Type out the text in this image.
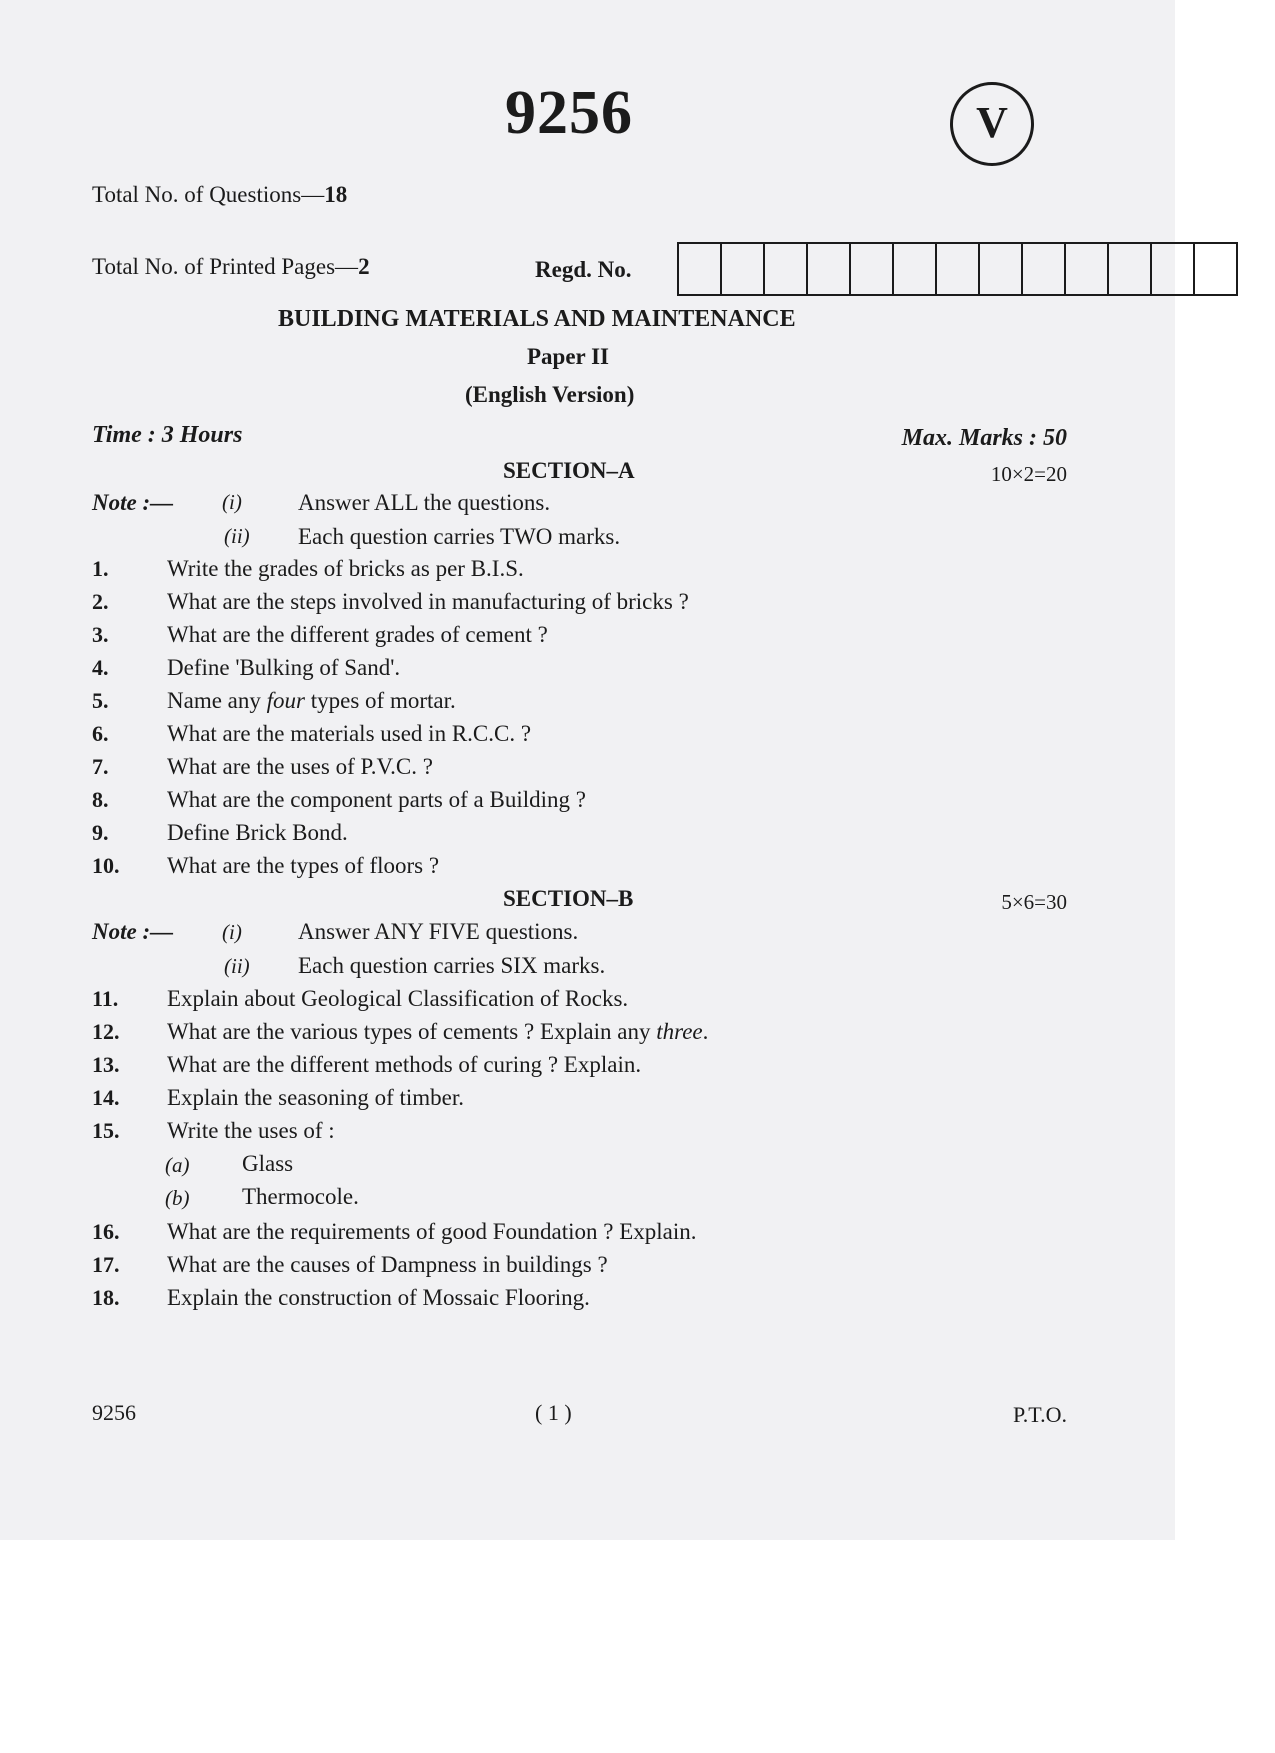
9256	V
Total No. of Questions—18
Total No. of Printed Pages—2	Regd. No.
BUILDING MATERIALS AND MAINTENANCE
Paper II
(English Version)
Time : 3 Hours	Max. Marks : 50
SECTION–A	10×2=20
Note :— (i) Answer ALL the questions.
(ii) Each question carries TWO marks.
1.	Write the grades of bricks as per B.I.S.
2.	What are the steps involved in manufacturing of bricks ?
3.	What are the different grades of cement ?
4.	Define 'Bulking of Sand'.
5.	Name any four types of mortar.
6.	What are the materials used in R.C.C. ?
7.	What are the uses of P.V.C. ?
8.	What are the component parts of a Building ?
9.	Define Brick Bond.
10. What are the types of floors ?
SECTION–B	5×6=30
Note :— (i) Answer ANY FIVE questions.
(ii) Each question carries SIX marks.
11. Explain about Geological Classification of Rocks.
12. What are the various types of cements ? Explain any three.
13. What are the different methods of curing ? Explain.
14. Explain the seasoning of timber.
15. Write the uses of :
(a) Glass
(b) Thermocole.
16. What are the requirements of good Foundation ? Explain.
17. What are the causes of Dampness in buildings ?
18. Explain the construction of Mossaic Flooring.
9256	( 1 )	P.T.O.
